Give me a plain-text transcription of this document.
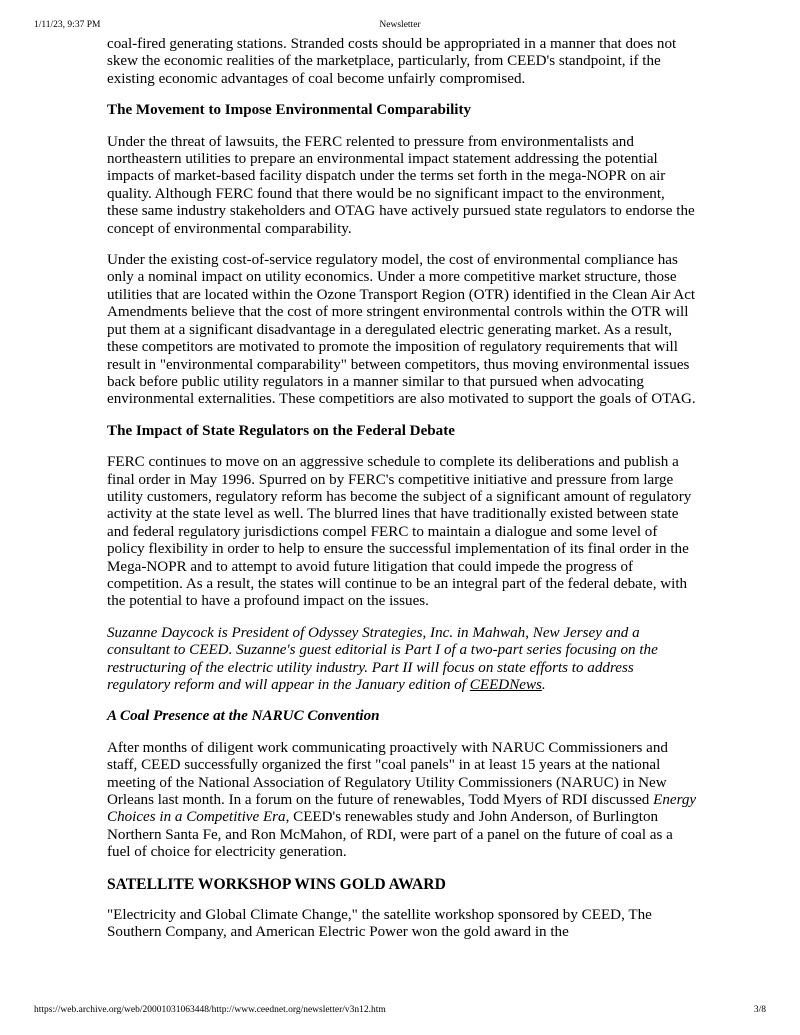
1/11/23, 9:37 PM	Newsletter

coal-fired generating stations. Stranded costs should be appropriated in a manner that does not skew the economic realities of the marketplace, particularly, from CEED's standpoint, if the existing economic advantages of coal become unfairly compromised.

The Movement to Impose Environmental Comparability

Under the threat of lawsuits, the FERC relented to pressure from environmentalists and northeastern utilities to prepare an environmental impact statement addressing the potential impacts of market-based facility dispatch under the terms set forth in the mega-NOPR on air quality. Although FERC found that there would be no significant impact to the environment, these same industry stakeholders and OTAG have actively pursued state regulators to endorse the concept of environmental comparability.

Under the existing cost-of-service regulatory model, the cost of environmental compliance has only a nominal impact on utility economics. Under a more competitive market structure, those utilities that are located within the Ozone Transport Region (OTR) identified in the Clean Air Act Amendments believe that the cost of more stringent environmental controls within the OTR will put them at a significant disadvantage in a deregulated electric generating market. As a result, these competitors are motivated to promote the imposition of regulatory requirements that will result in "environmental comparability" between competitors, thus moving environmental issues back before public utility regulators in a manner similar to that pursued when advocating environmental externalities. These competitiors are also motivated to support the goals of OTAG.

The Impact of State Regulators on the Federal Debate

FERC continues to move on an aggressive schedule to complete its deliberations and publish a final order in May 1996. Spurred on by FERC's competitive initiative and pressure from large utility customers, regulatory reform has become the subject of a significant amount of regulatory activity at the state level as well. The blurred lines that have traditionally existed between state and federal regulatory jurisdictions compel FERC to maintain a dialogue and some level of policy flexibility in order to help to ensure the successful implementation of its final order in the Mega-NOPR and to attempt to avoid future litigation that could impede the progress of competition. As a result, the states will continue to be an integral part of the federal debate, with the potential to have a profound impact on the issues.

Suzanne Daycock is President of Odyssey Strategies, Inc. in Mahwah, New Jersey and a consultant to CEED. Suzanne's guest editorial is Part I of a two-part series focusing on the restructuring of the electric utility industry. Part II will focus on state efforts to address regulatory reform and will appear in the January edition of CEEDNews.

A Coal Presence at the NARUC Convention

After months of diligent work communicating proactively with NARUC Commissioners and staff, CEED successfully organized the first "coal panels" in at least 15 years at the national meeting of the National Association of Regulatory Utility Commissioners (NARUC) in New Orleans last month. In a forum on the future of renewables, Todd Myers of RDI discussed Energy Choices in a Competitive Era, CEED's renewables study and John Anderson, of Burlington Northern Santa Fe, and Ron McMahon, of RDI, were part of a panel on the future of coal as a fuel of choice for electricity generation.

SATELLITE WORKSHOP WINS GOLD AWARD

"Electricity and Global Climate Change," the satellite workshop sponsored by CEED, The Southern Company, and American Electric Power won the gold award in the

https://web.archive.org/web/20001031063448/http://www.ceednet.org/newsletter/v3n12.htm	3/8
